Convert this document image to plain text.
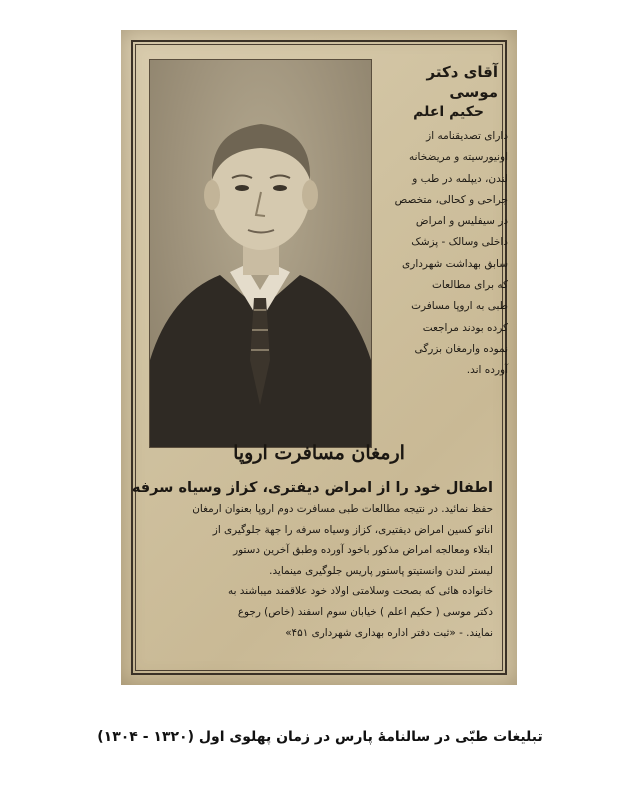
آقای دکتر موسی

حکیم اعلم

دارای تصدیقنامه از

اونیورسیته و مریضخانه

لندن، دیپلمه در طب و

جراحی و کحالی، متخصص

در سیفلیس و امراض

داخلی وسالک - پزشک

سابق بهداشت شهرداری

که برای مطالعات

طبی به اروپا مسافرت

کرده بودند مراجعت

نموده وارمغان بزرگی

آورده اند.

ارمغان مسافرت اروپا

اطفال خود را از امراض دیفتری، کزاز وسیاه سرفه

حفظ نمائید. در نتیجه مطالعات طبی مسافرت دوم اروپا بعنوان ارمغان

اناتو کسین امراض دیفتیری، کزاز وسیاه سرفه را جهة جلوگیری از

ابتلاء ومعالجه امراض مذکور باخود آورده وطبق آخرین دستور

لیستر لندن وانستیتو پاستور پاریس جلوگیری مینماید.

خانواده هائی که بصحت وسلامتی اولاد خود علاقمند میباشند به

دکتر موسی ( حکیم اعلم ) خیابان سوم اسفند (خاص) رجوع

نمایند. - «ثبت دفتر اداره بهداری شهرداری ۴۵۱»

تبلیغات طبّی در سالنامهٔ پارس در زمان پهلوی اول (۱۳۲۰ - ۱۳۰۴)
